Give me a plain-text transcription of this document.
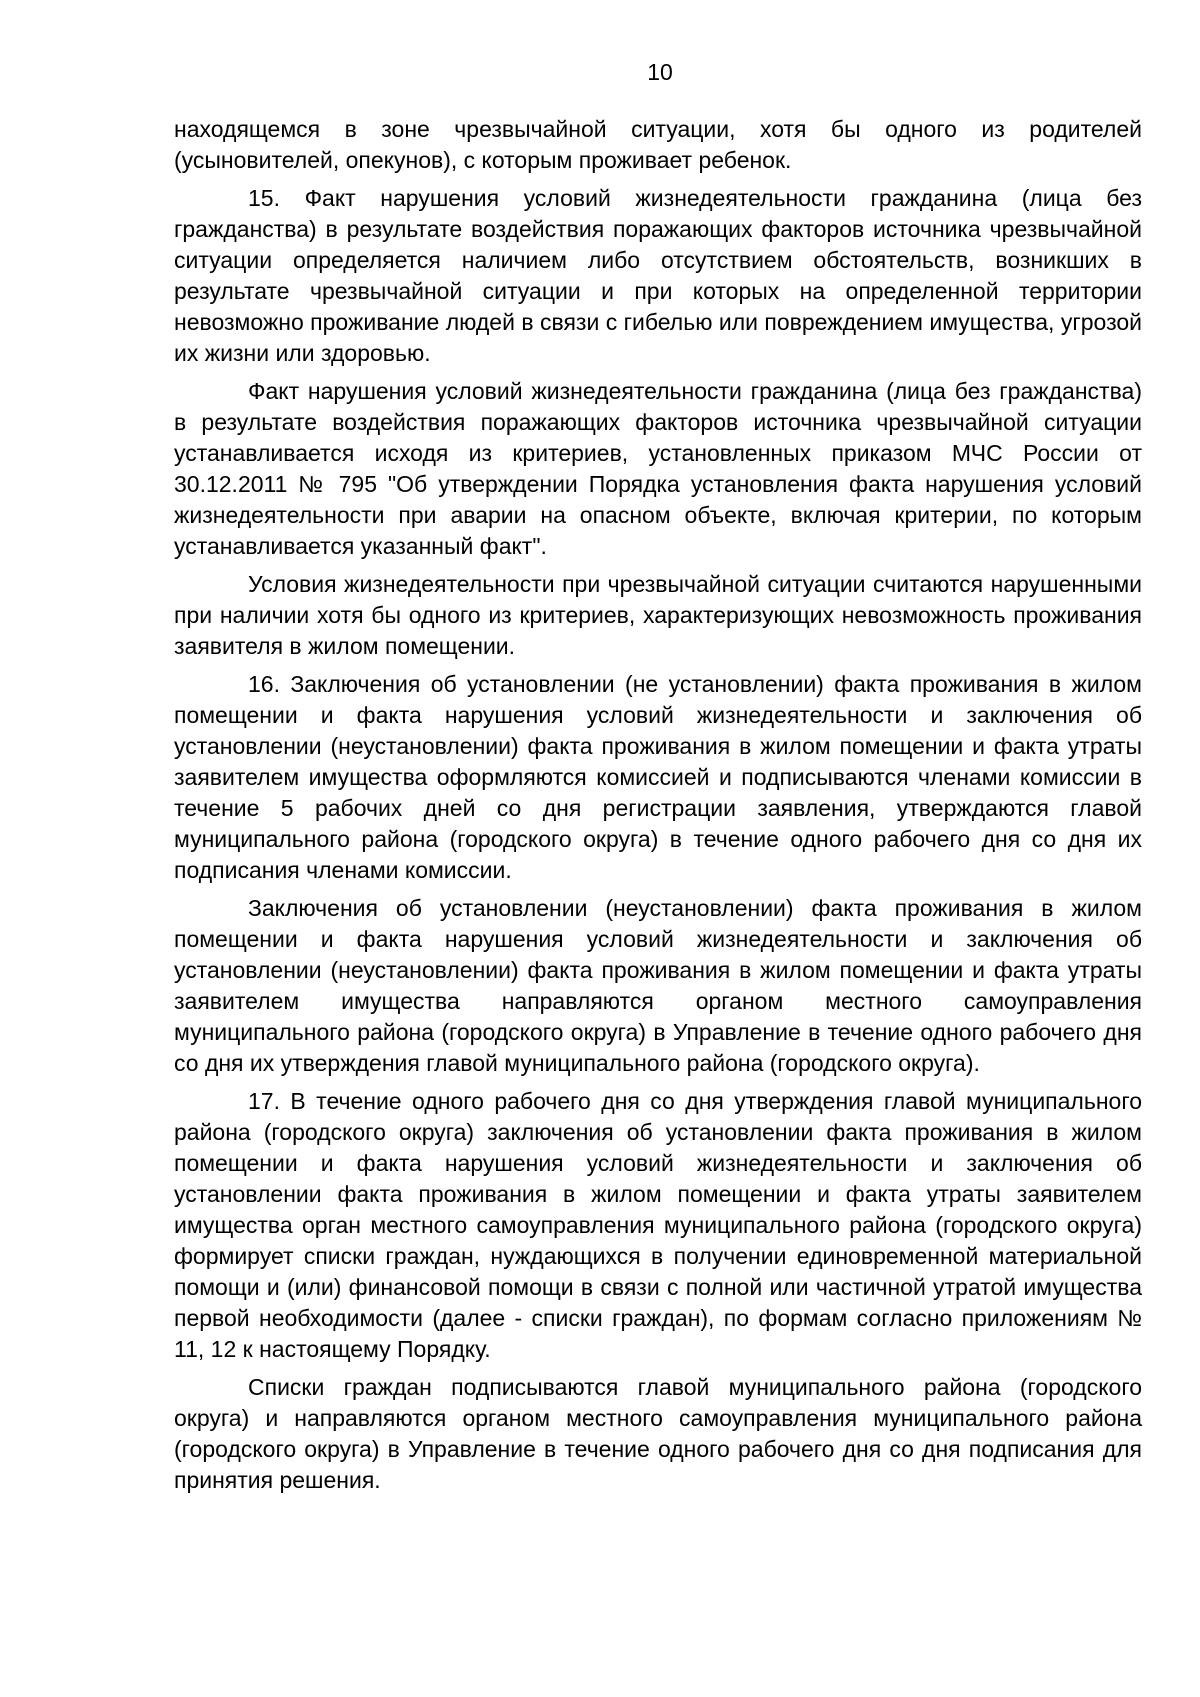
10

находящемся в зоне чрезвычайной ситуации, хотя бы одного из родителей (усыновителей, опекунов), с которым проживает ребенок.

15. Факт нарушения условий жизнедеятельности гражданина (лица без гражданства) в результате воздействия поражающих факторов источника чрезвычайной ситуации определяется наличием либо отсутствием обстоятельств, возникших в результате чрезвычайной ситуации и при которых на определенной территории невозможно проживание людей в связи с гибелью или повреждением имущества, угрозой их жизни или здоровью.

Факт нарушения условий жизнедеятельности гражданина (лица без гражданства) в результате воздействия поражающих факторов источника чрезвычайной ситуации устанавливается исходя из критериев, установленных приказом МЧС России от 30.12.2011 № 795 "Об утверждении Порядка установления факта нарушения условий жизнедеятельности при аварии на опасном объекте, включая критерии, по которым устанавливается указанный факт".

Условия жизнедеятельности при чрезвычайной ситуации считаются нарушенными при наличии хотя бы одного из критериев, характеризующих невозможность проживания заявителя в жилом помещении.

16. Заключения об установлении (не установлении) факта проживания в жилом помещении и факта нарушения условий жизнедеятельности и заключения об установлении (неустановлении) факта проживания в жилом помещении и факта утраты заявителем имущества оформляются комиссией и подписываются членами комиссии в течение 5 рабочих дней со дня регистрации заявления, утверждаются главой муниципального района (городского округа) в течение одного рабочего дня со дня их подписания членами комиссии.

Заключения об установлении (неустановлении) факта проживания в жилом помещении и факта нарушения условий жизнедеятельности и заключения об установлении (неустановлении) факта проживания в жилом помещении и факта утраты заявителем имущества направляются органом местного самоуправления муниципального района (городского округа) в Управление в течение одного рабочего дня со дня их утверждения главой муниципального района (городского округа).

17. В течение одного рабочего дня со дня утверждения главой муниципального района (городского округа) заключения об установлении факта проживания в жилом помещении и факта нарушения условий жизнедеятельности и заключения об установлении факта проживания в жилом помещении и факта утраты заявителем имущества орган местного самоуправления муниципального района (городского округа) формирует списки граждан, нуждающихся в получении единовременной материальной помощи и (или) финансовой помощи в связи с полной или частичной утратой имущества первой необходимости (далее - списки граждан), по формам согласно приложениям № 11, 12 к настоящему Порядку.

Списки граждан подписываются главой муниципального района (городского округа) и направляются органом местного самоуправления муниципального района (городского округа) в Управление в течение одного рабочего дня со дня подписания для принятия решения.
